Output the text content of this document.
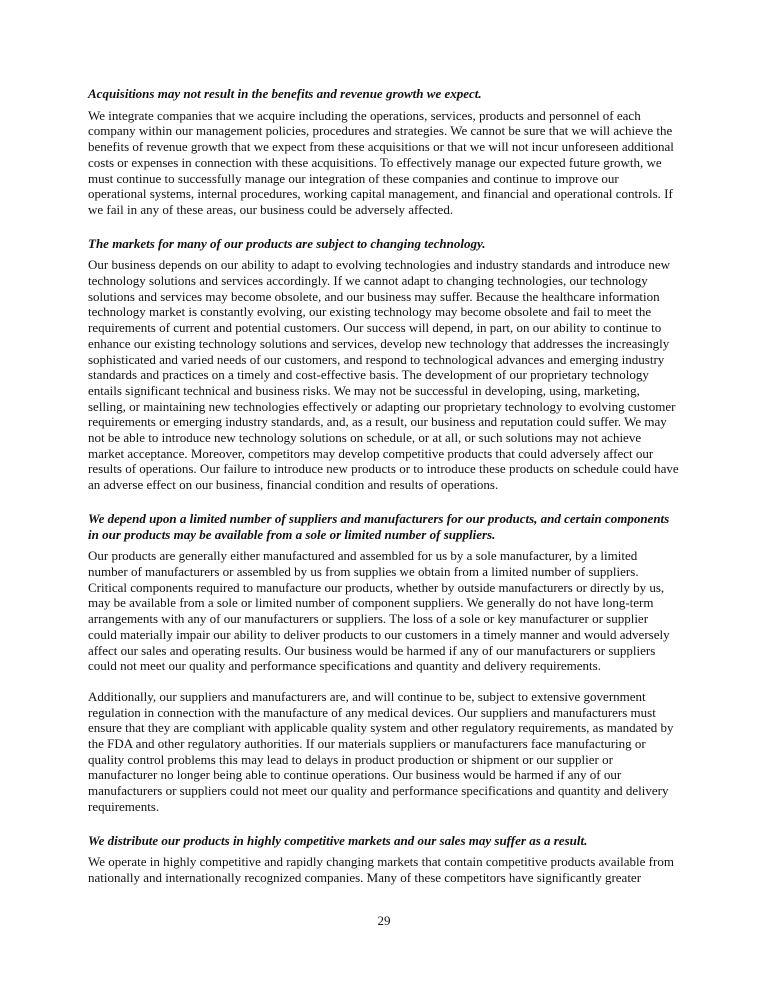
Acquisitions may not result in the benefits and revenue growth we expect.

We integrate companies that we acquire including the operations, services, products and personnel of each
company within our management policies, procedures and strategies. We cannot be sure that we will achieve the
benefits of revenue growth that we expect from these acquisitions or that we will not incur unforeseen additional
costs or expenses in connection with these acquisitions. To effectively manage our expected future growth, we
must continue to successfully manage our integration of these companies and continue to improve our
operational systems, internal procedures, working capital management, and financial and operational controls. If
we fail in any of these areas, our business could be adversely affected.

The markets for many of our products are subject to changing technology.

Our business depends on our ability to adapt to evolving technologies and industry standards and introduce new
technology solutions and services accordingly. If we cannot adapt to changing technologies, our technology
solutions and services may become obsolete, and our business may suffer. Because the healthcare information
technology market is constantly evolving, our existing technology may become obsolete and fail to meet the
requirements of current and potential customers. Our success will depend, in part, on our ability to continue to
enhance our existing technology solutions and services, develop new technology that addresses the increasingly
sophisticated and varied needs of our customers, and respond to technological advances and emerging industry
standards and practices on a timely and cost-effective basis. The development of our proprietary technology
entails significant technical and business risks. We may not be successful in developing, using, marketing,
selling, or maintaining new technologies effectively or adapting our proprietary technology to evolving customer
requirements or emerging industry standards, and, as a result, our business and reputation could suffer. We may
not be able to introduce new technology solutions on schedule, or at all, or such solutions may not achieve
market acceptance. Moreover, competitors may develop competitive products that could adversely affect our
results of operations. Our failure to introduce new products or to introduce these products on schedule could have
an adverse effect on our business, financial condition and results of operations.

We depend upon a limited number of suppliers and manufacturers for our products, and certain components
in our products may be available from a sole or limited number of suppliers.

Our products are generally either manufactured and assembled for us by a sole manufacturer, by a limited
number of manufacturers or assembled by us from supplies we obtain from a limited number of suppliers.
Critical components required to manufacture our products, whether by outside manufacturers or directly by us,
may be available from a sole or limited number of component suppliers. We generally do not have long-term
arrangements with any of our manufacturers or suppliers. The loss of a sole or key manufacturer or supplier
could materially impair our ability to deliver products to our customers in a timely manner and would adversely
affect our sales and operating results. Our business would be harmed if any of our manufacturers or suppliers
could not meet our quality and performance specifications and quantity and delivery requirements.

Additionally, our suppliers and manufacturers are, and will continue to be, subject to extensive government
regulation in connection with the manufacture of any medical devices. Our suppliers and manufacturers must
ensure that they are compliant with applicable quality system and other regulatory requirements, as mandated by
the FDA and other regulatory authorities. If our materials suppliers or manufacturers face manufacturing or
quality control problems this may lead to delays in product production or shipment or our supplier or
manufacturer no longer being able to continue operations. Our business would be harmed if any of our
manufacturers or suppliers could not meet our quality and performance specifications and quantity and delivery
requirements.

We distribute our products in highly competitive markets and our sales may suffer as a result.

We operate in highly competitive and rapidly changing markets that contain competitive products available from
nationally and internationally recognized companies. Many of these competitors have significantly greater

29
